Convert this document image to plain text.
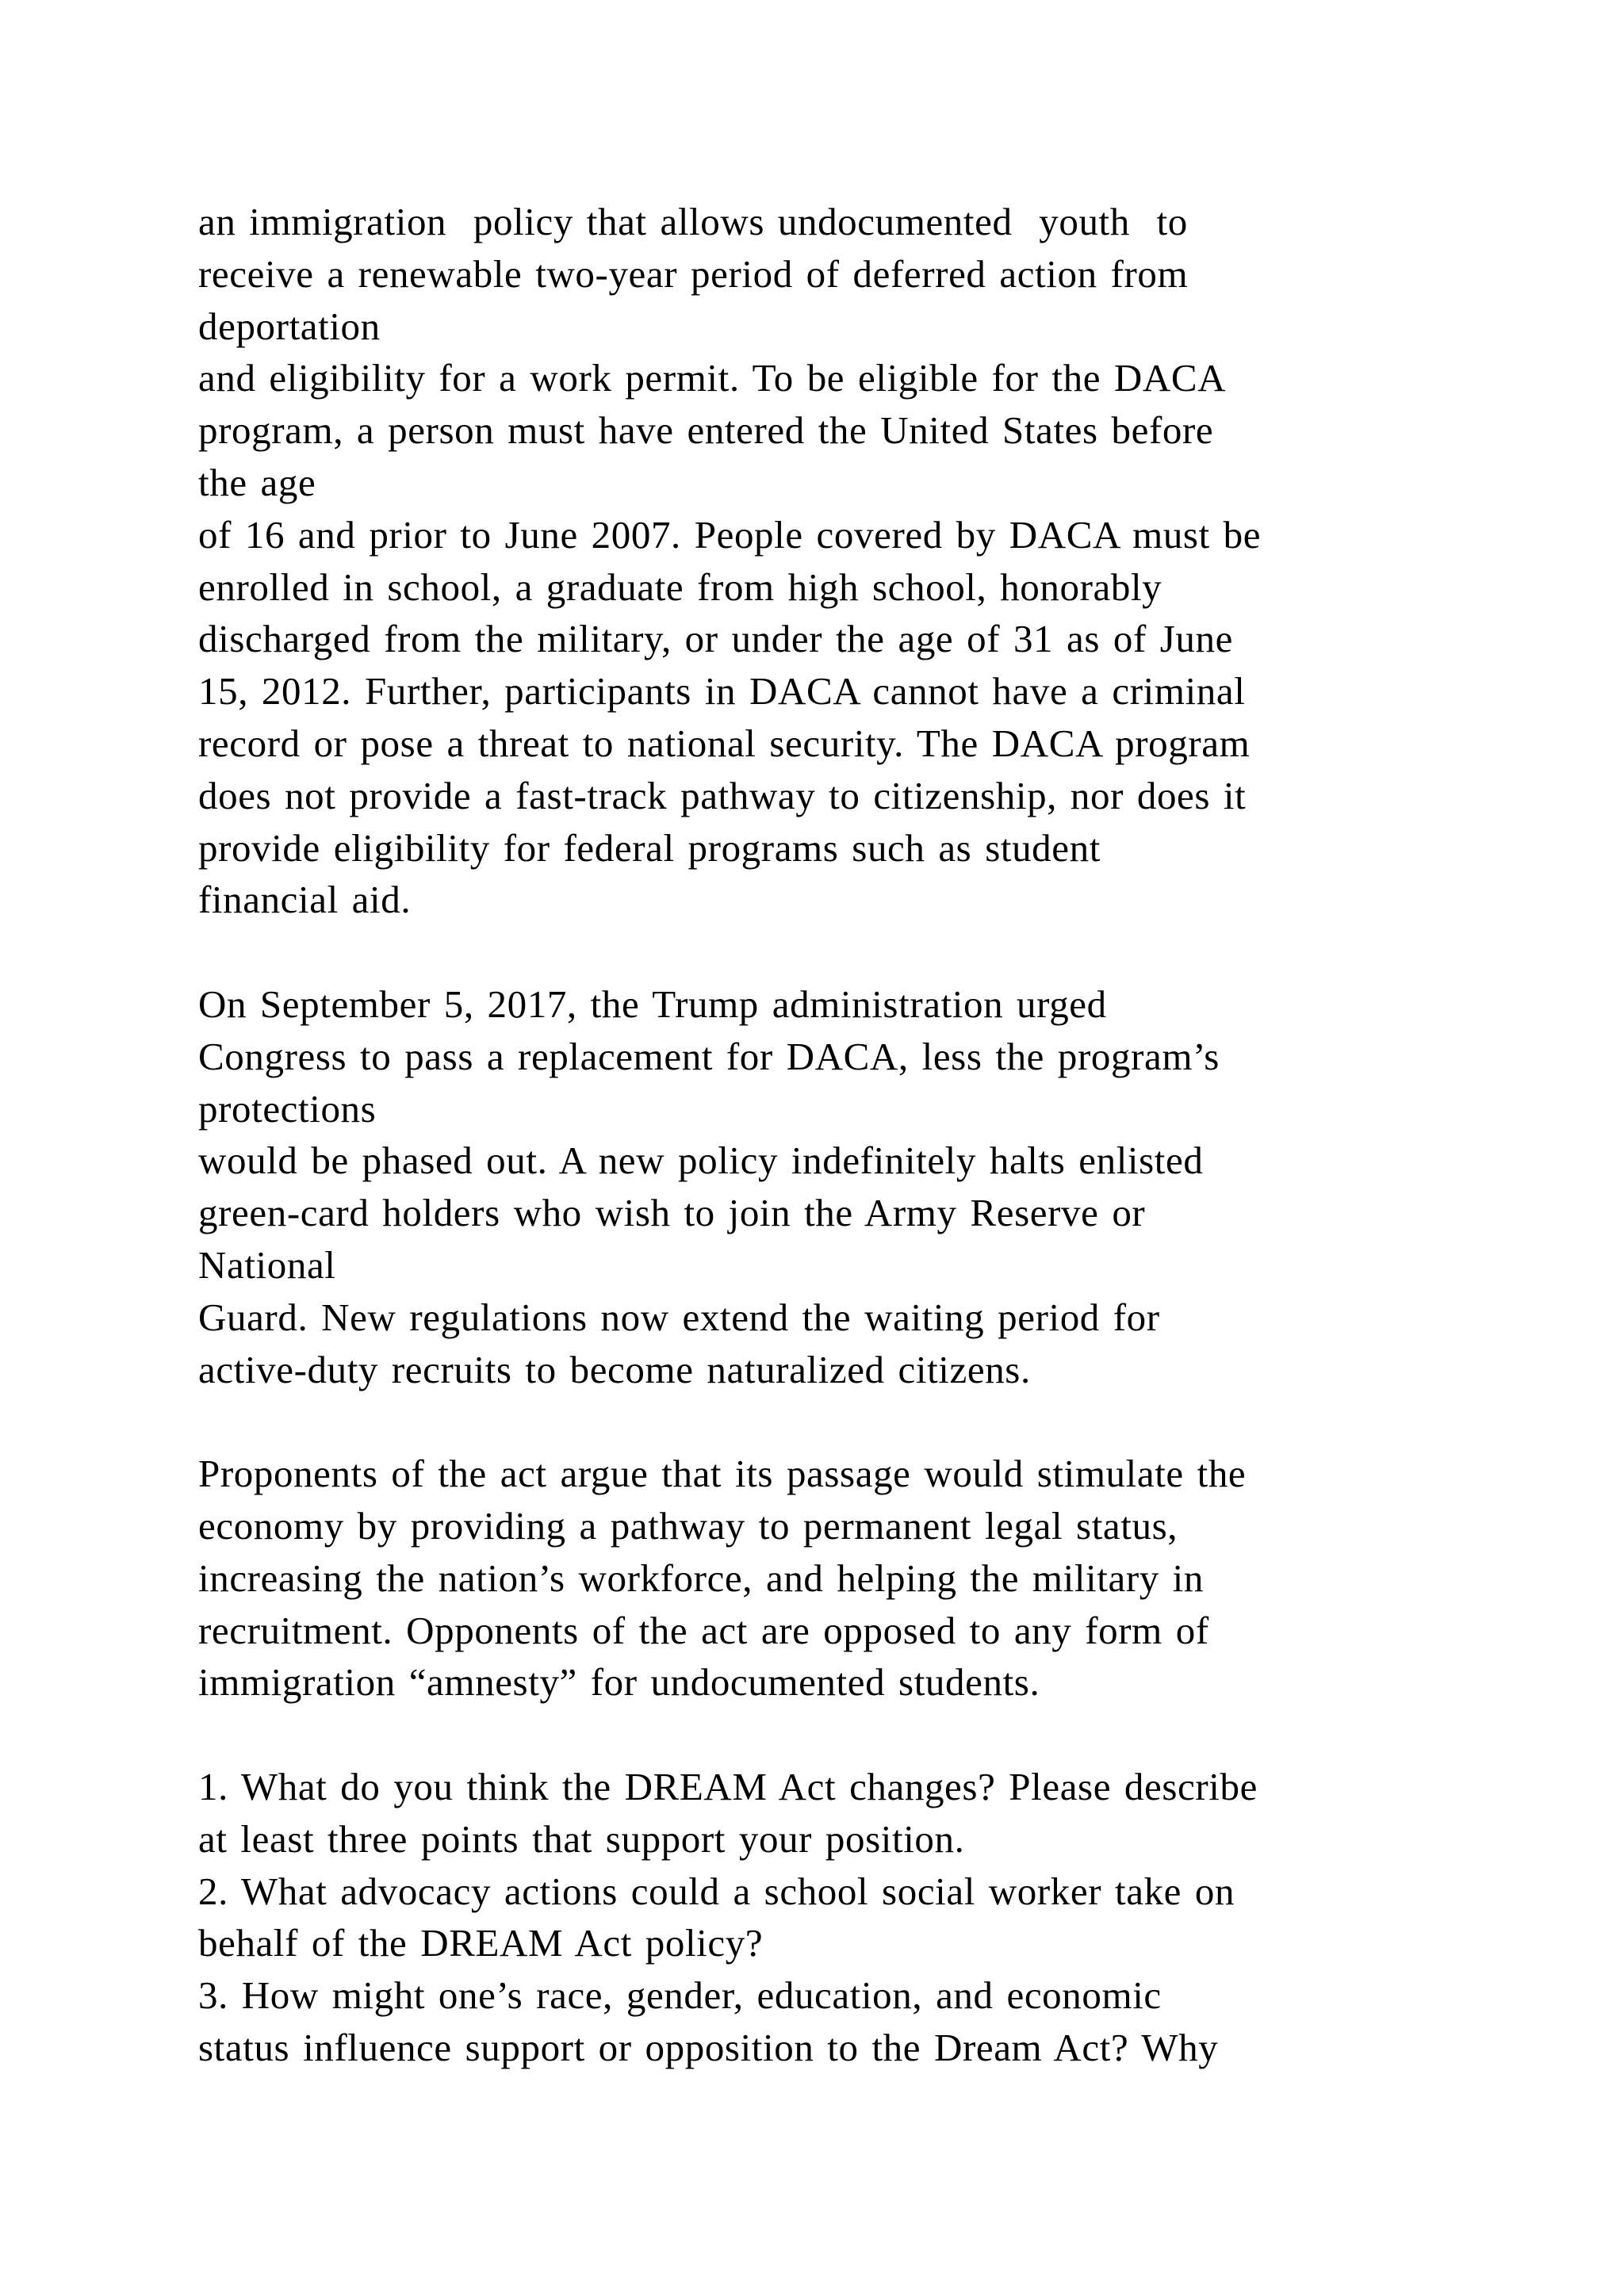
an immigration  policy that allows undocumented  youth  to
receive a renewable two-year period of deferred action from
deportation
and eligibility for a work permit. To be eligible for the DACA
program, a person must have entered the United States before
the age
of 16 and prior to June 2007. People covered by DACA must be
enrolled in school, a graduate from high school, honorably
discharged from the military, or under the age of 31 as of June
15, 2012. Further, participants in DACA cannot have a criminal
record or pose a threat to national security. The DACA program
does not provide a fast-track pathway to citizenship, nor does it
provide eligibility for federal programs such as student
financial aid.
On September 5, 2017, the Trump administration urged
Congress to pass a replacement for DACA, less the program’s
protections
would be phased out. A new policy indefinitely halts enlisted
green-card holders who wish to join the Army Reserve or
National
Guard. New regulations now extend the waiting period for
active-duty recruits to become naturalized citizens.
Proponents of the act argue that its passage would stimulate the
economy by providing a pathway to permanent legal status,
increasing the nation’s workforce, and helping the military in
recruitment. Opponents of the act are opposed to any form of
immigration “amnesty” for undocumented students.
1. What do you think the DREAM Act changes? Please describe
at least three points that support your position.
2. What advocacy actions could a school social worker take on
behalf of the DREAM Act policy?
3. How might one’s race, gender, education, and economic
status influence support or opposition to the Dream Act? Why
